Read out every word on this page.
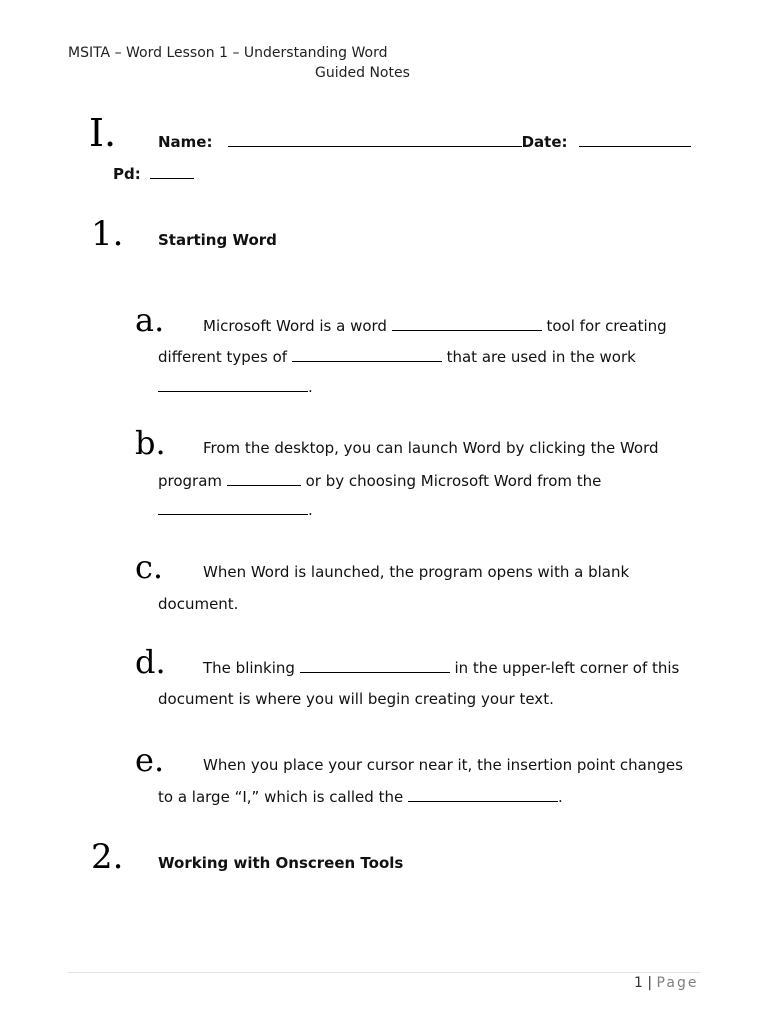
MSITA – Word Lesson 1 – Understanding Word
Guided Notes
I.	Name:	Date:
Pd:
1. Starting Word
a.	Microsoft Word is a word	tool for creating
different types of	that are used in the work
.
b. From the desktop, you can launch Word by clicking the Word
program	or by choosing Microsoft Word from the
.
c.	When Word is launched, the program opens with a blank
document.
d. The blinking	in the upper-left corner of this
document is where you will begin creating your text.
e.	When you place your cursor near it, the insertion point changes
to a large “I,” which is called the	.
2. Working with Onscreen Tools
1 | Page
